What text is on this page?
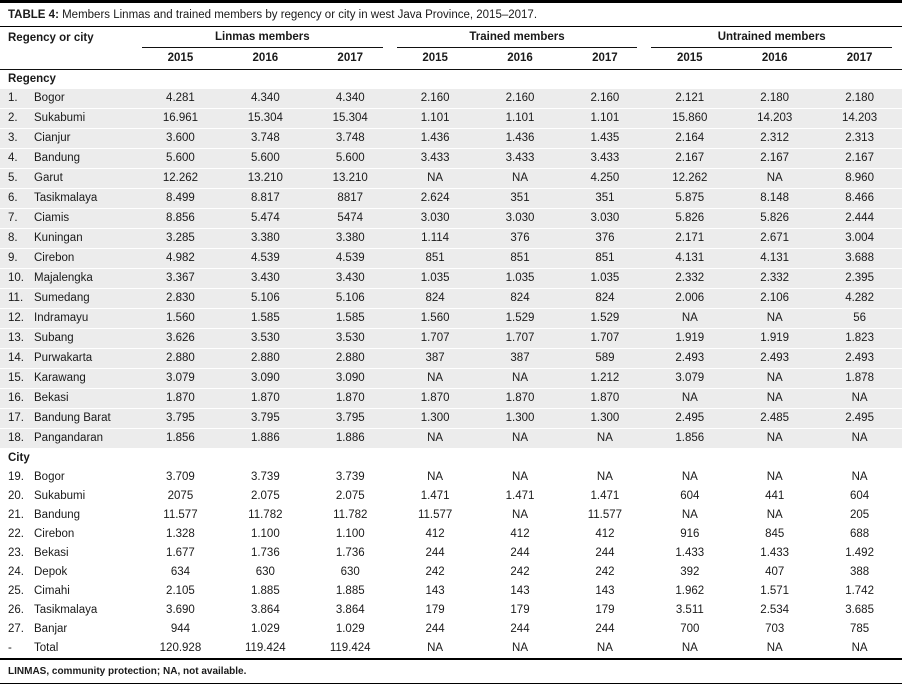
TABLE 4: Members Linmas and trained members by regency or city in west Java Province, 2015–2017.
Regency or city	Linmas members			Trained members			Untrained members		

	2015	2016	2017	2015	2016	2017	2015	2016	2017
Regency									
1. Bogor	4.281	4.340	4.340	2.160	2.160	2.160	2.121	2.180	2.180
2. Sukabumi	16.961	15.304	15.304	1.101	1.101	1.101	15.860	14.203	14.203
3. Cianjur	3.600	3.748	3.748	1.436	1.436	1.435	2.164	2.312	2.313
4. Bandung	5.600	5.600	5.600	3.433	3.433	3.433	2.167	2.167	2.167
5. Garut	12.262	13.210	13.210	NA	NA	4.250	12.262	NA	8.960
6. Tasikmalaya	8.499	8.817	8817	2.624	351	351	5.875	8.148	8.466
7. Ciamis	8.856	5.474	5474	3.030	3.030	3.030	5.826	5.826	2.444
8. Kuningan	3.285	3.380	3.380	1.114	376	376	2.171	2.671	3.004
9. Cirebon	4.982	4.539	4.539	851	851	851	4.131	4.131	3.688
10. Majalengka	3.367	3.430	3.430	1.035	1.035	1.035	2.332	2.332	2.395
11. Sumedang	2.830	5.106	5.106	824	824	824	2.006	2.106	4.282
12. Indramayu	1.560	1.585	1.585	1.560	1.529	1.529	NA	NA	56
13. Subang	3.626	3.530	3.530	1.707	1.707	1.707	1.919	1.919	1.823
14. Purwakarta	2.880	2.880	2.880	387	387	589	2.493	2.493	2.493
15. Karawang	3.079	3.090	3.090	NA	NA	1.212	3.079	NA	1.878
16. Bekasi	1.870	1.870	1.870	1.870	1.870	1.870	NA	NA	NA
17. Bandung Barat	3.795	3.795	3.795	1.300	1.300	1.300	2.495	2.485	2.495
18. Pangandaran	1.856	1.886	1.886	NA	NA	NA	1.856	NA	NA
City									
19. Bogor	3.709	3.739	3.739	NA	NA	NA	NA	NA	NA
20. Sukabumi	2075	2.075	2.075	1.471	1.471	1.471	604	441	604
21. Bandung	11.577	11.782	11.782	11.577	NA	11.577	NA	NA	205
22. Cirebon	1.328	1.100	1.100	412	412	412	916	845	688
23. Bekasi	1.677	1.736	1.736	244	244	244	1.433	1.433	1.492
24. Depok	634	630	630	242	242	242	392	407	388
25. Cimahi	2.105	1.885	1.885	143	143	143	1.962	1.571	1.742
26. Tasikmalaya	3.690	3.864	3.864	179	179	179	3.511	2.534	3.685
27. Banjar	944	1.029	1.029	244	244	244	700	703	785
- Total	120.928	119.424	119.424	NA	NA	NA	NA	NA	NA
LINMAS, community protection; NA, not available.
